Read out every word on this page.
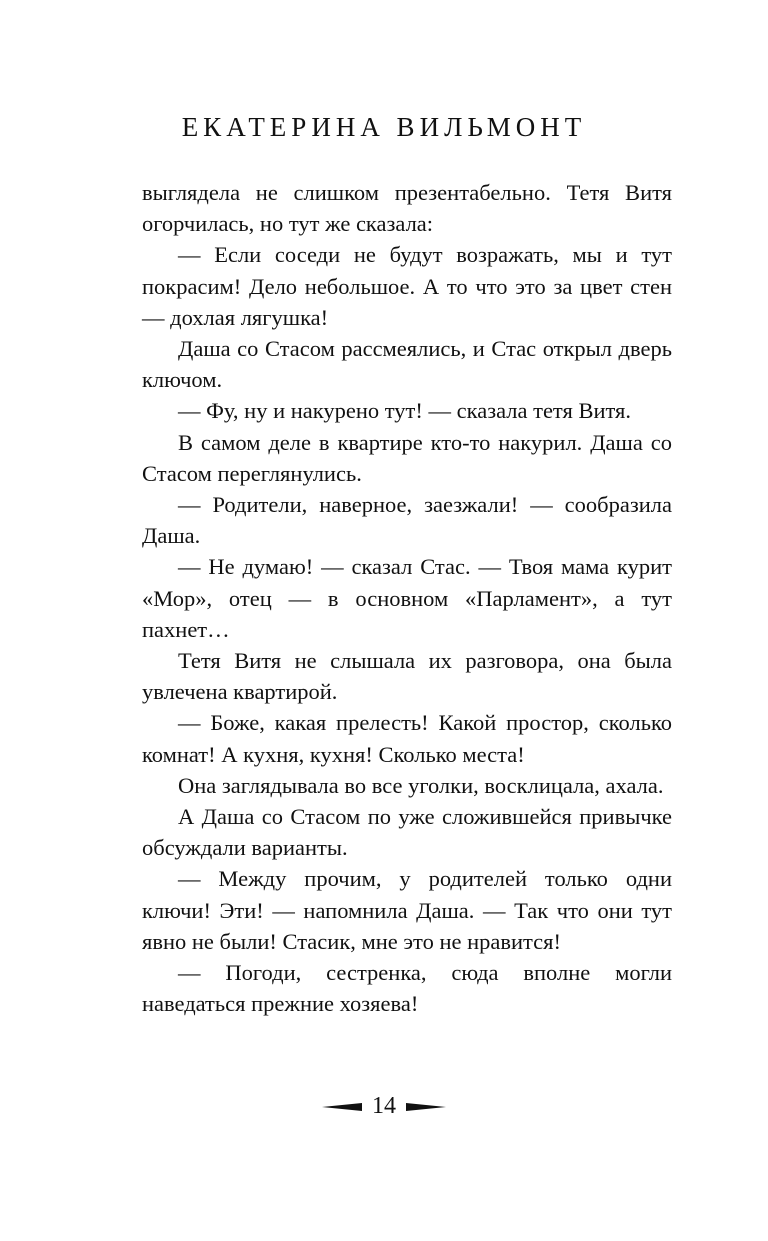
ЕКАТЕРИНА ВИЛЬМОНТ

выглядела не слишком презентабельно. Тетя Витя огорчилась, но тут же сказала:

— Если соседи не будут возражать, мы и тут покрасим! Дело небольшое. А то что это за цвет стен — дохлая лягушка!

Даша со Стасом рассмеялись, и Стас открыл дверь ключом.

— Фу, ну и накурено тут! — сказала тетя Витя.

В самом деле в квартире кто-то накурил. Даша со Стасом переглянулись.

— Родители, наверное, заезжали! — сообразила Даша.

— Не думаю! — сказал Стас. — Твоя мама курит «Мор», отец — в основном «Парламент», а тут пахнет…

Тетя Витя не слышала их разговора, она была увлечена квартирой.

— Боже, какая прелесть! Какой простор, сколько комнат! А кухня, кухня! Сколько места!

Она заглядывала во все уголки, восклицала, ахала.

А Даша со Стасом по уже сложившейся привычке обсуждали варианты.

— Между прочим, у родителей только одни ключи! Эти! — напомнила Даша. — Так что они тут явно не были! Стасик, мне это не нравится!

— Погоди, сестренка, сюда вполне могли наведаться прежние хозяева!

14
